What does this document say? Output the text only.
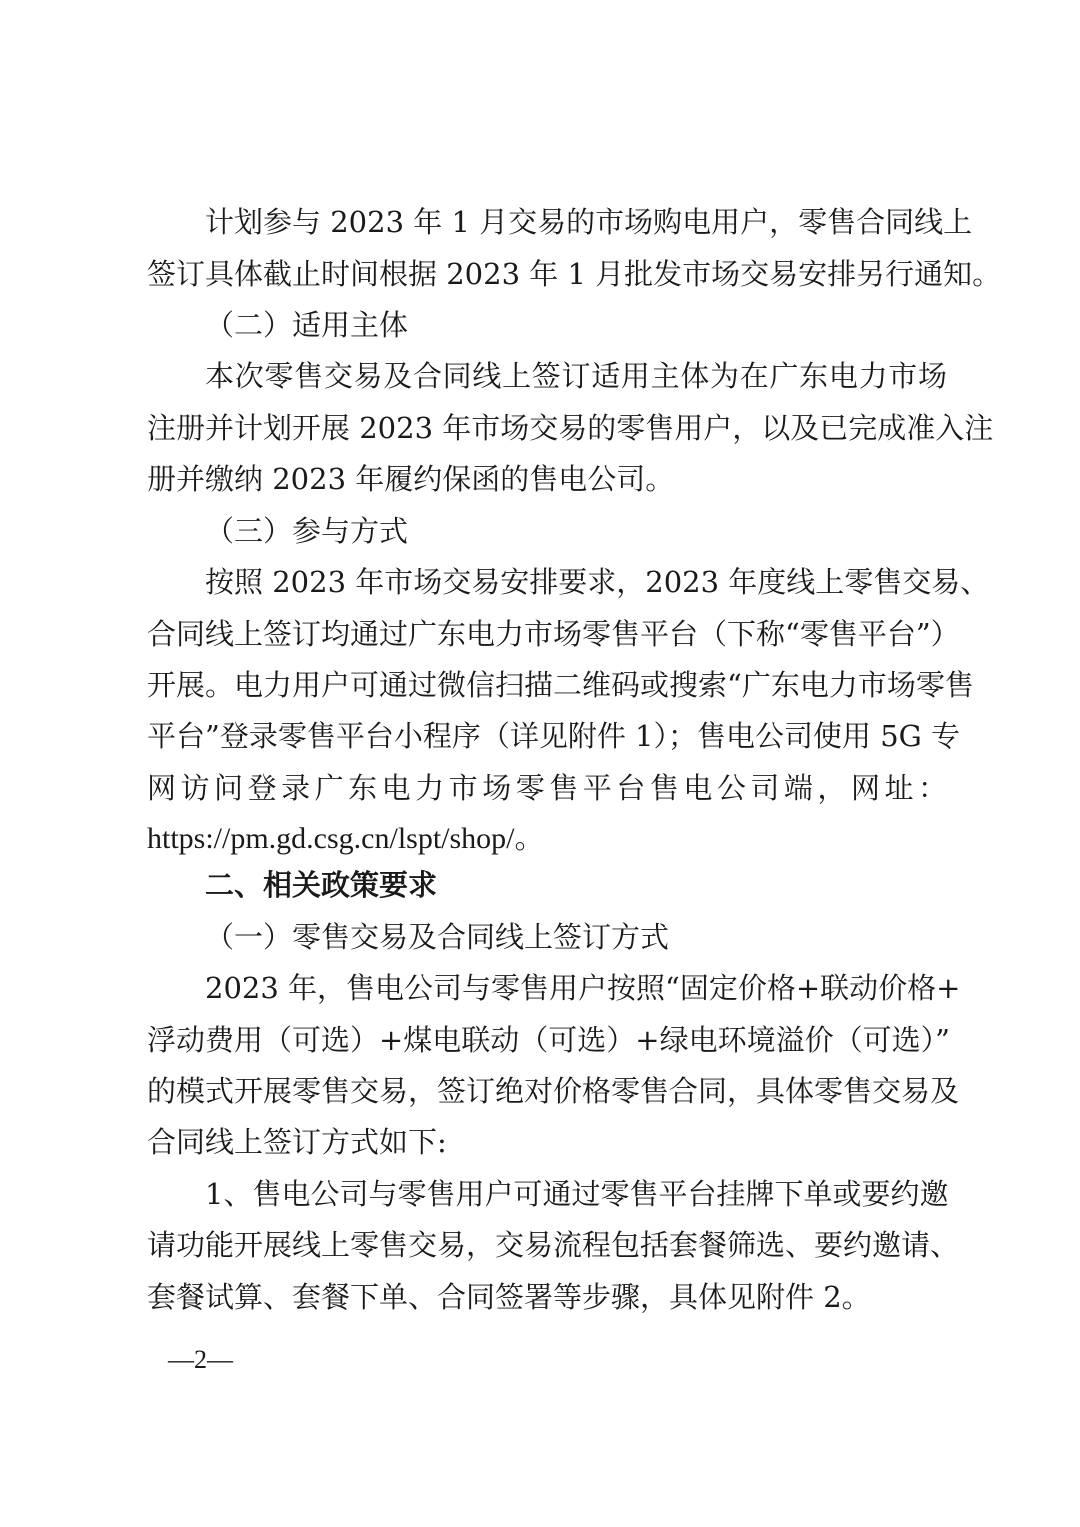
计划参与 2023 年 1 月交易的市场购电用户，零售合同线上
签订具体截止时间根据 2023 年 1 月批发市场交易安排另行通知。
（二）适用主体
本次零售交易及合同线上签订适用主体为在广东电力市场
注册并计划开展 2023 年市场交易的零售用户，以及已完成准入注
册并缴纳 2023 年履约保函的售电公司。
（三）参与方式
按照 2023 年市场交易安排要求，2023 年度线上零售交易、
合同线上签订均通过广东电力市场零售平台（下称“零售平台”）
开展。电力用户可通过微信扫描二维码或搜索“广东电力市场零售
平台”登录零售平台小程序（详见附件 1）；售电公司使用 5G 专
网访问登录广东电力市场零售平台售电公司端，网址：
https://pm.gd.csg.cn/lspt/shop/。
二、相关政策要求
（一）零售交易及合同线上签订方式
2023 年，售电公司与零售用户按照“固定价格+联动价格+
浮动费用（可选）+煤电联动（可选）+绿电环境溢价（可选）”
的模式开展零售交易，签订绝对价格零售合同，具体零售交易及
合同线上签订方式如下:
1、售电公司与零售用户可通过零售平台挂牌下单或要约邀
请功能开展线上零售交易，交易流程包括套餐筛选、要约邀请、
套餐试算、套餐下单、合同签署等步骤，具体见附件 2。
—2—
